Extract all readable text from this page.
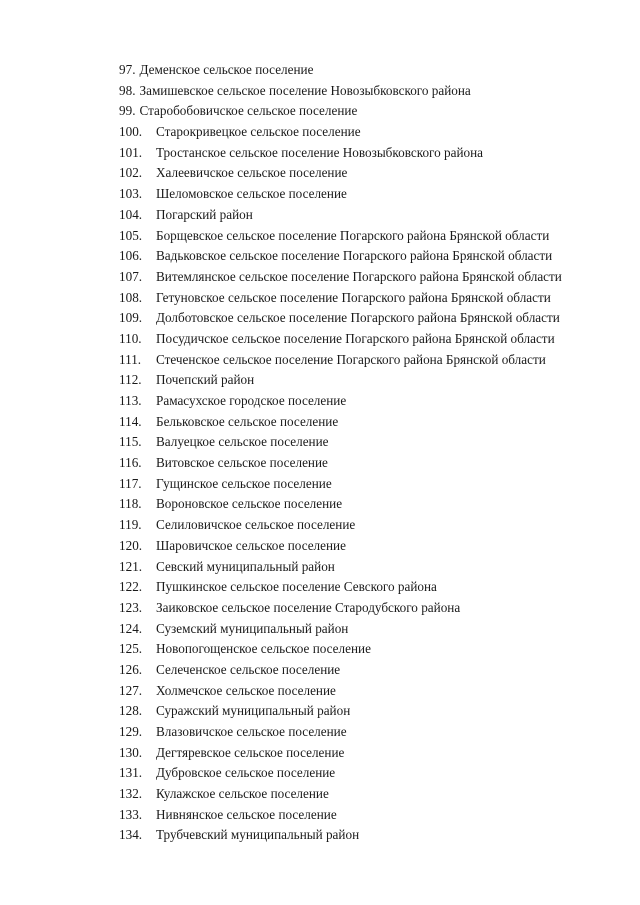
97. Деменское сельское поселение
98. Замишевское сельское поселение Новозыбковского района
99. Старобобовичское сельское поселение
100.	Старокривецкое сельское поселение
101.	Тростанское сельское поселение Новозыбковского района
102.	Халеевичское сельское поселение
103.	Шеломовское сельское поселение
104.	Погарский район
105.	Борщевское сельское поселение Погарского района Брянской области
106.	Вадьковское сельское поселение Погарского района Брянской области
107.	Витемлянское сельское поселение Погарского района Брянской области
108.	Гетуновское сельское поселение Погарского района Брянской области
109.	Долботовское сельское поселение Погарского района Брянской области
110.	Посудичское сельское поселение Погарского района Брянской области
111.	Стеченское сельское поселение Погарского района Брянской области
112.	Почепский район
113.	Рамасухское городское поселение
114.	Бельковское сельское поселение
115.	Валуецкое сельское поселение
116.	Витовское сельское поселение
117.	Гущинское сельское поселение
118.	Вороновское сельское поселение
119.	Селиловичское сельское поселение
120.	Шаровичское сельское поселение
121.	Севский муниципальный район
122.	Пушкинское сельское поселение Севского района
123.	Заиковское сельское поселение Стародубского района
124.	Суземский муниципальный район
125.	Новопогощенское сельское поселение
126.	Селеченское сельское поселение
127.	Холмечское сельское поселение
128.	Суражский муниципальный район
129.	Влазовичское сельское поселение
130.	Дегтяревское сельское поселение
131.	Дубровское сельское поселение
132.	Кулажское сельское поселение
133.	Нивнянское сельское поселение
134.	Трубчевский муниципальный район
